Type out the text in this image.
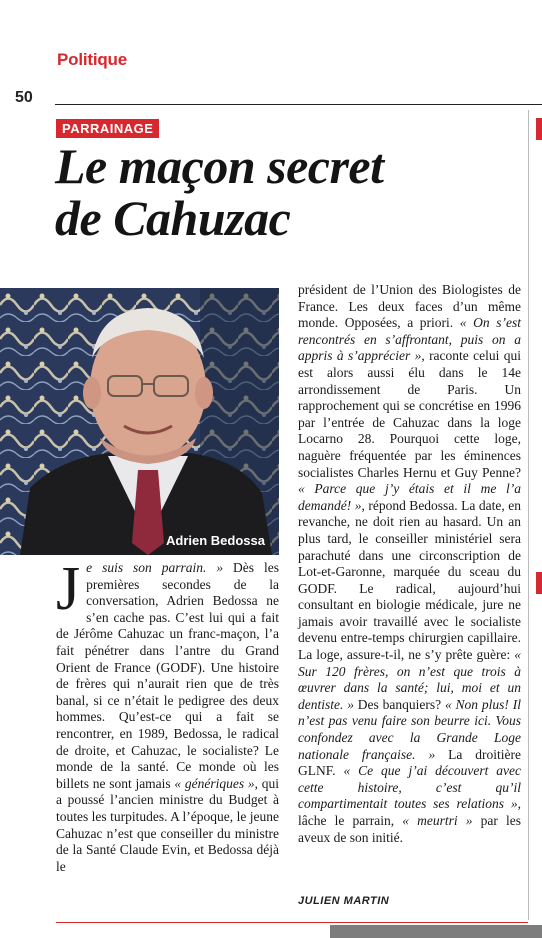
Politique
50
PARRAINAGE
Le maçon secret
de Cahuzac
Adrien Bedossa

Je suis son parrain. » Dès les premières secondes de la conversation, Adrien Bedossa ne s’en cache pas. C’est lui qui a fait de Jérôme Cahuzac un franc-maçon, l’a fait pénétrer dans l’antre du Grand Orient de France (GODF). Une histoire de frères qui n’aurait rien que de très banal, si ce n’était le pedigree des deux hommes. Qu’est-ce qui a fait se rencontrer, en 1989, Bedossa, le radical de droite, et Cahuzac, le socialiste? Le monde de la santé. Ce monde où les billets ne sont jamais « génériques », qui a poussé l’ancien ministre du Budget à toutes les turpitudes. A l’époque, le jeune Cahuzac n’est que conseiller du ministre de la Santé Claude Evin, et Bedossa déjà le

président de l’Union des Biologistes de France. Les deux faces d’un même monde. Opposées, a priori. « On s’est rencontrés en s’affrontant, puis on a appris à s’apprécier », raconte celui qui est alors aussi élu dans le 14e arrondissement de Paris. Un rapprochement qui se concrétise en 1996 par l’entrée de Cahuzac dans la loge Locarno 28. Pourquoi cette loge, naguère fréquentée par les éminences socialistes Charles Hernu et Guy Penne? « Parce que j’y étais et il me l’a demandé! », répond Bedossa. La date, en revanche, ne doit rien au hasard. Un an plus tard, le conseiller ministériel sera parachuté dans une circonscription de Lot-et-Garonne, marquée du sceau du GODF. Le radical, aujourd’hui consultant en biologie médicale, jure ne jamais avoir travaillé avec le socialiste devenu entre-temps chirurgien capillaire. La loge, assure-t-il, ne s’y prête guère: « Sur 120 frères, on n’est que trois à œuvrer dans la santé; lui, moi et un dentiste. » Des banquiers? « Non plus! Il n’est pas venu faire son beurre ici. Vous confondez avec la Grande Loge nationale française. » La droitière GLNF. « Ce que j’ai découvert avec cette histoire, c’est qu’il compartimentait toutes ses relations », lâche le parrain, « meurtri » par les aveux de son initié.

JULIEN MARTIN
